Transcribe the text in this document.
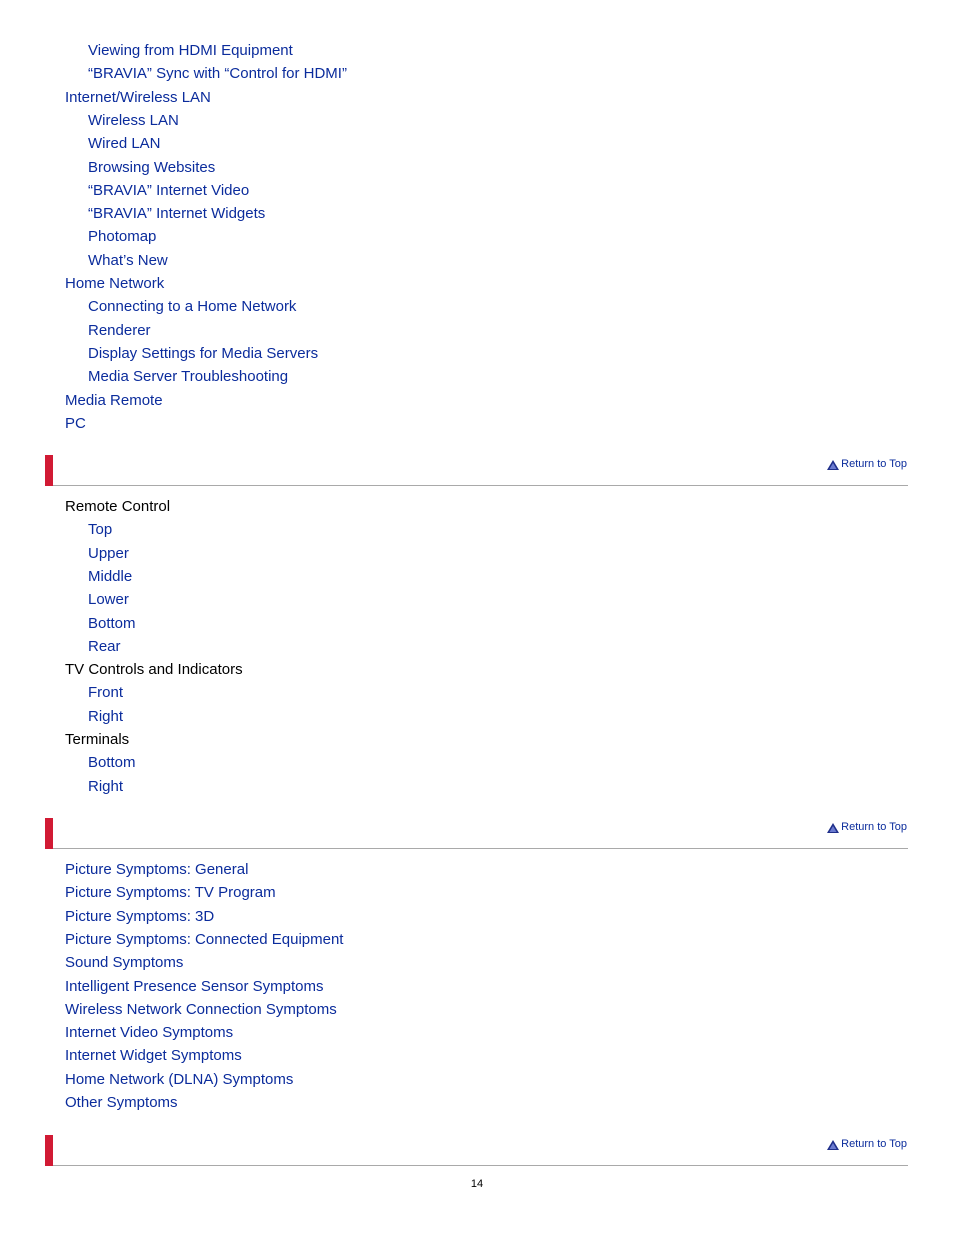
Viewing from HDMI Equipment
“BRAVIA” Sync with “Control for HDMI”
Internet/Wireless LAN
Wireless LAN
Wired LAN
Browsing Websites
“BRAVIA” Internet Video
“BRAVIA” Internet Widgets
Photomap
What’s New
Home Network
Connecting to a Home Network
Renderer
Display Settings for Media Servers
Media Server Troubleshooting
Media Remote
PC
Remote Control
Top
Upper
Middle
Lower
Bottom
Rear
TV Controls and Indicators
Front
Right
Terminals
Bottom
Right
Picture Symptoms: General
Picture Symptoms: TV Program
Picture Symptoms: 3D
Picture Symptoms: Connected Equipment
Sound Symptoms
Intelligent Presence Sensor Symptoms
Wireless Network Connection Symptoms
Internet Video Symptoms
Internet Widget Symptoms
Home Network (DLNA) Symptoms
Other Symptoms
Return to Top
Return to Top
Return to Top
14
